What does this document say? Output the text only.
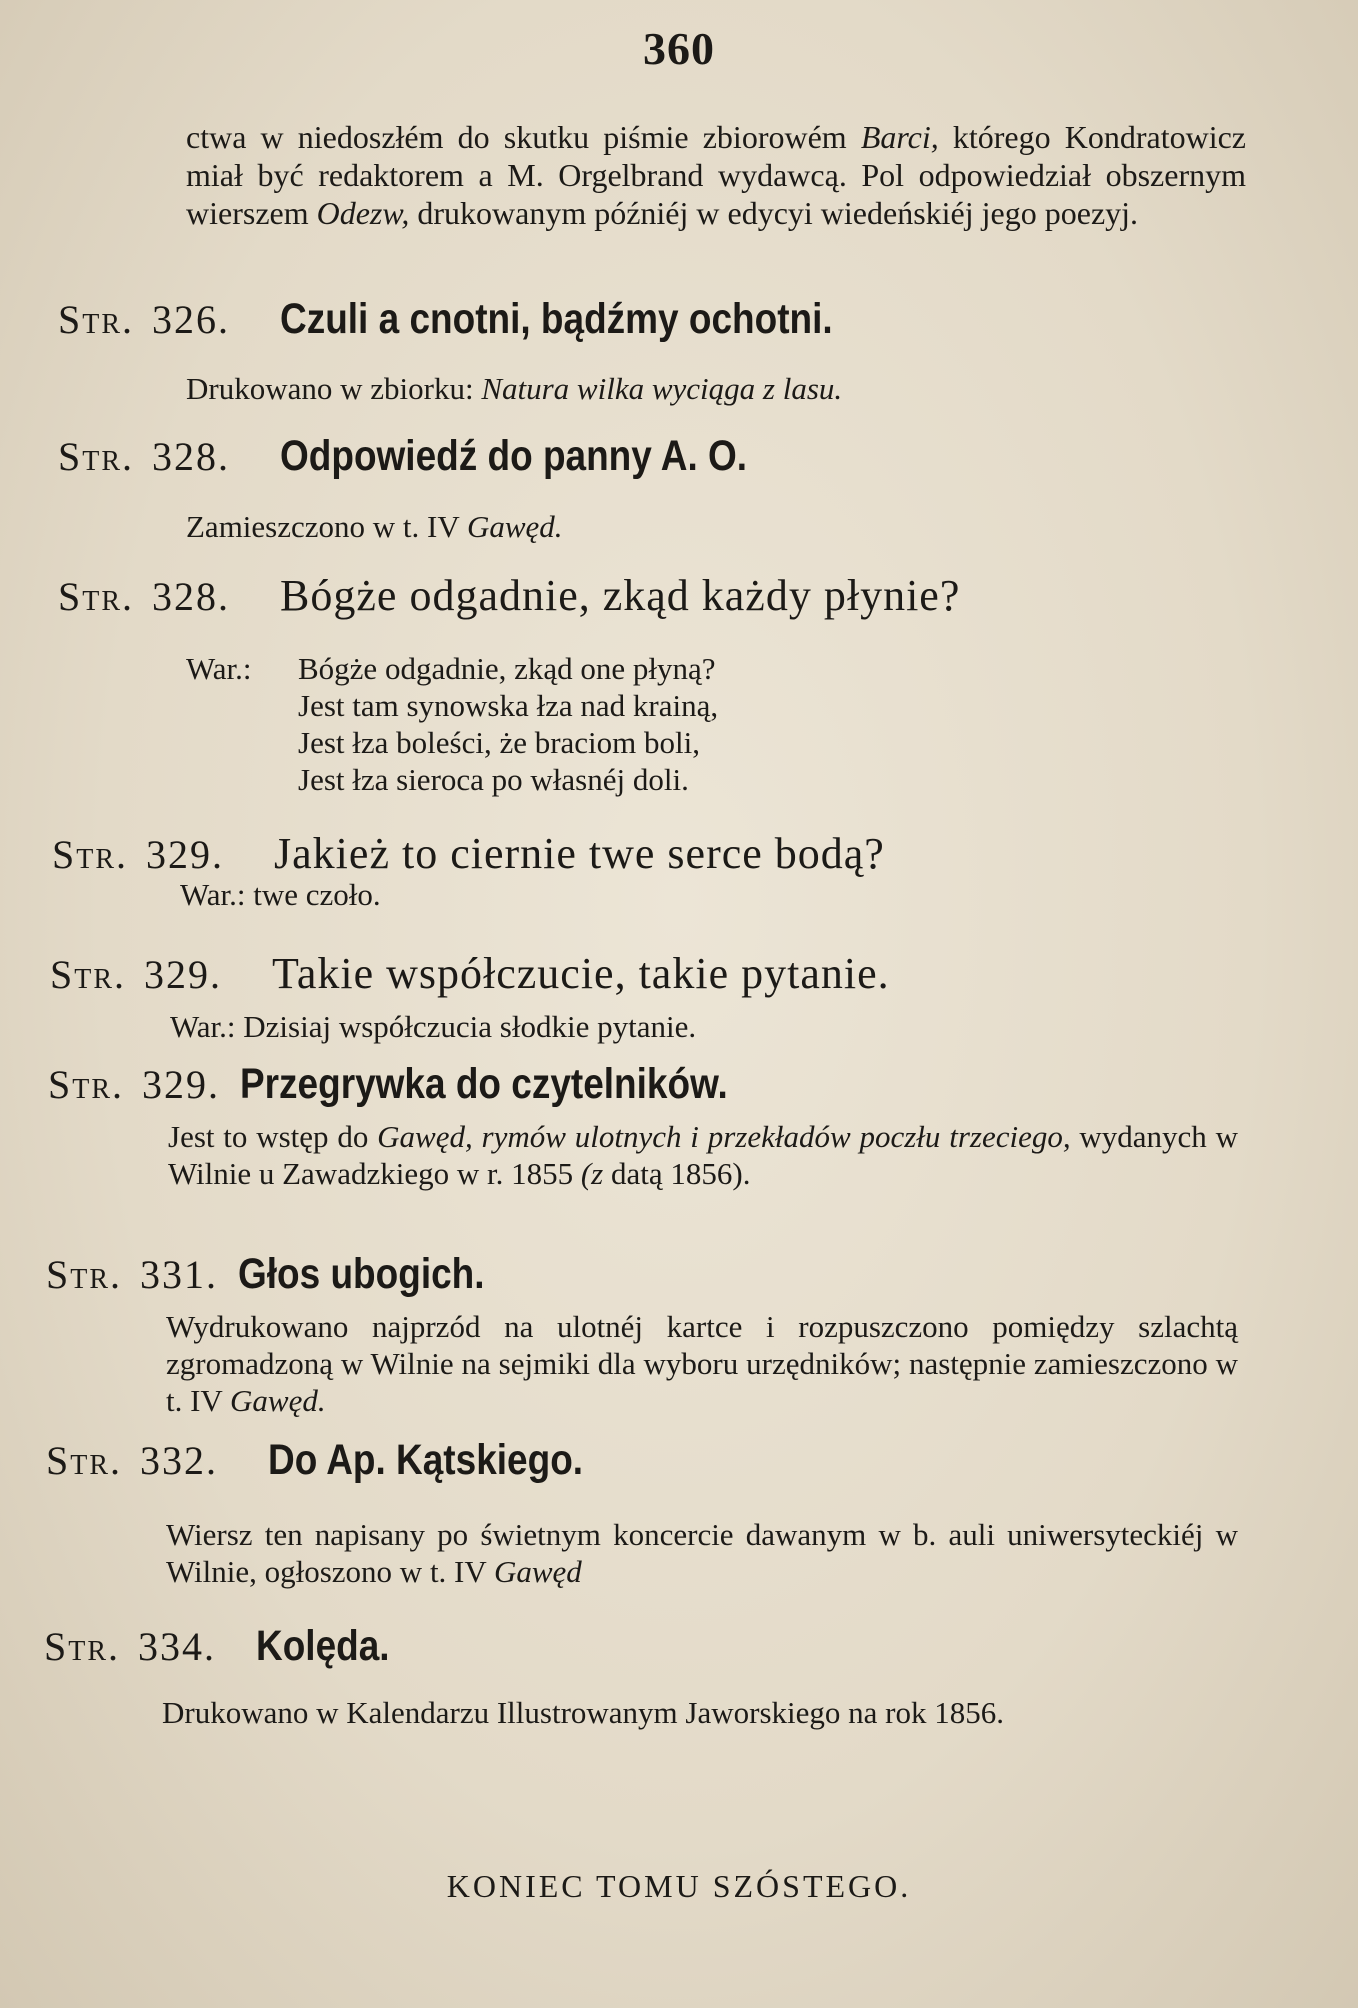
360
ctwa w niedoszłém do skutku piśmie zbiorowém Barci, którego Kondratowicz miał być redaktorem a M. Orgelbrand wydawcą. Pol odpowiedział obszernym wierszem Odezw, drukowanym późniéj w edycyi wiedeńskiéj jego poezyj.
Str. 326. Czuli a cnotni, bądźmy ochotni.
Drukowano w zbiorku: Natura wilka wyciąga z lasu.
Str. 328. Odpowiedź do panny A. O.
Zamieszczono w t. IV Gawęd.
Str. 328. Bógże odgadnie, zkąd każdy płynie?
War.: Bógże odgadnie, zkąd one płyną?
Jest tam synowska łza nad krainą,
Jest łza boleści, że braciom boli,
Jest łza sieroca po własnéj doli.
Str. 329. Jakież to ciernie twe serce bodą?
War.: twe czoło.
Str. 329. Takie współczucie, takie pytanie.
War.: Dzisiaj współczucia słodkie pytanie.
Str. 329. Przegrywka do czytelników.
Jest to wstęp do Gawęd, rymów ulotnych i przekładów poczłu trzeciego, wydanych w Wilnie u Zawadzkiego w r. 1855 (z datą 1856).
Str. 331. Głos ubogich.
Wydrukowano najprzód na ulotnéj kartce i rozpuszczono pomiędzy szlachtą zgromadzoną w Wilnie na sejmiki dla wyboru urzędników; następnie zamieszczono w t. IV Gawęd.
Str. 332. Do Ap. Kątskiego.
Wiersz ten napisany po świetnym koncercie dawanym w b. auli uniwersyteckiéj w Wilnie, ogłoszono w t. IV Gawęd
Str. 334. Kolęda.
Drukowano w Kalendarzu Illustrowanym Jaworskiego na rok 1856.
KONIEC TOMU SZÓSTEGO.
